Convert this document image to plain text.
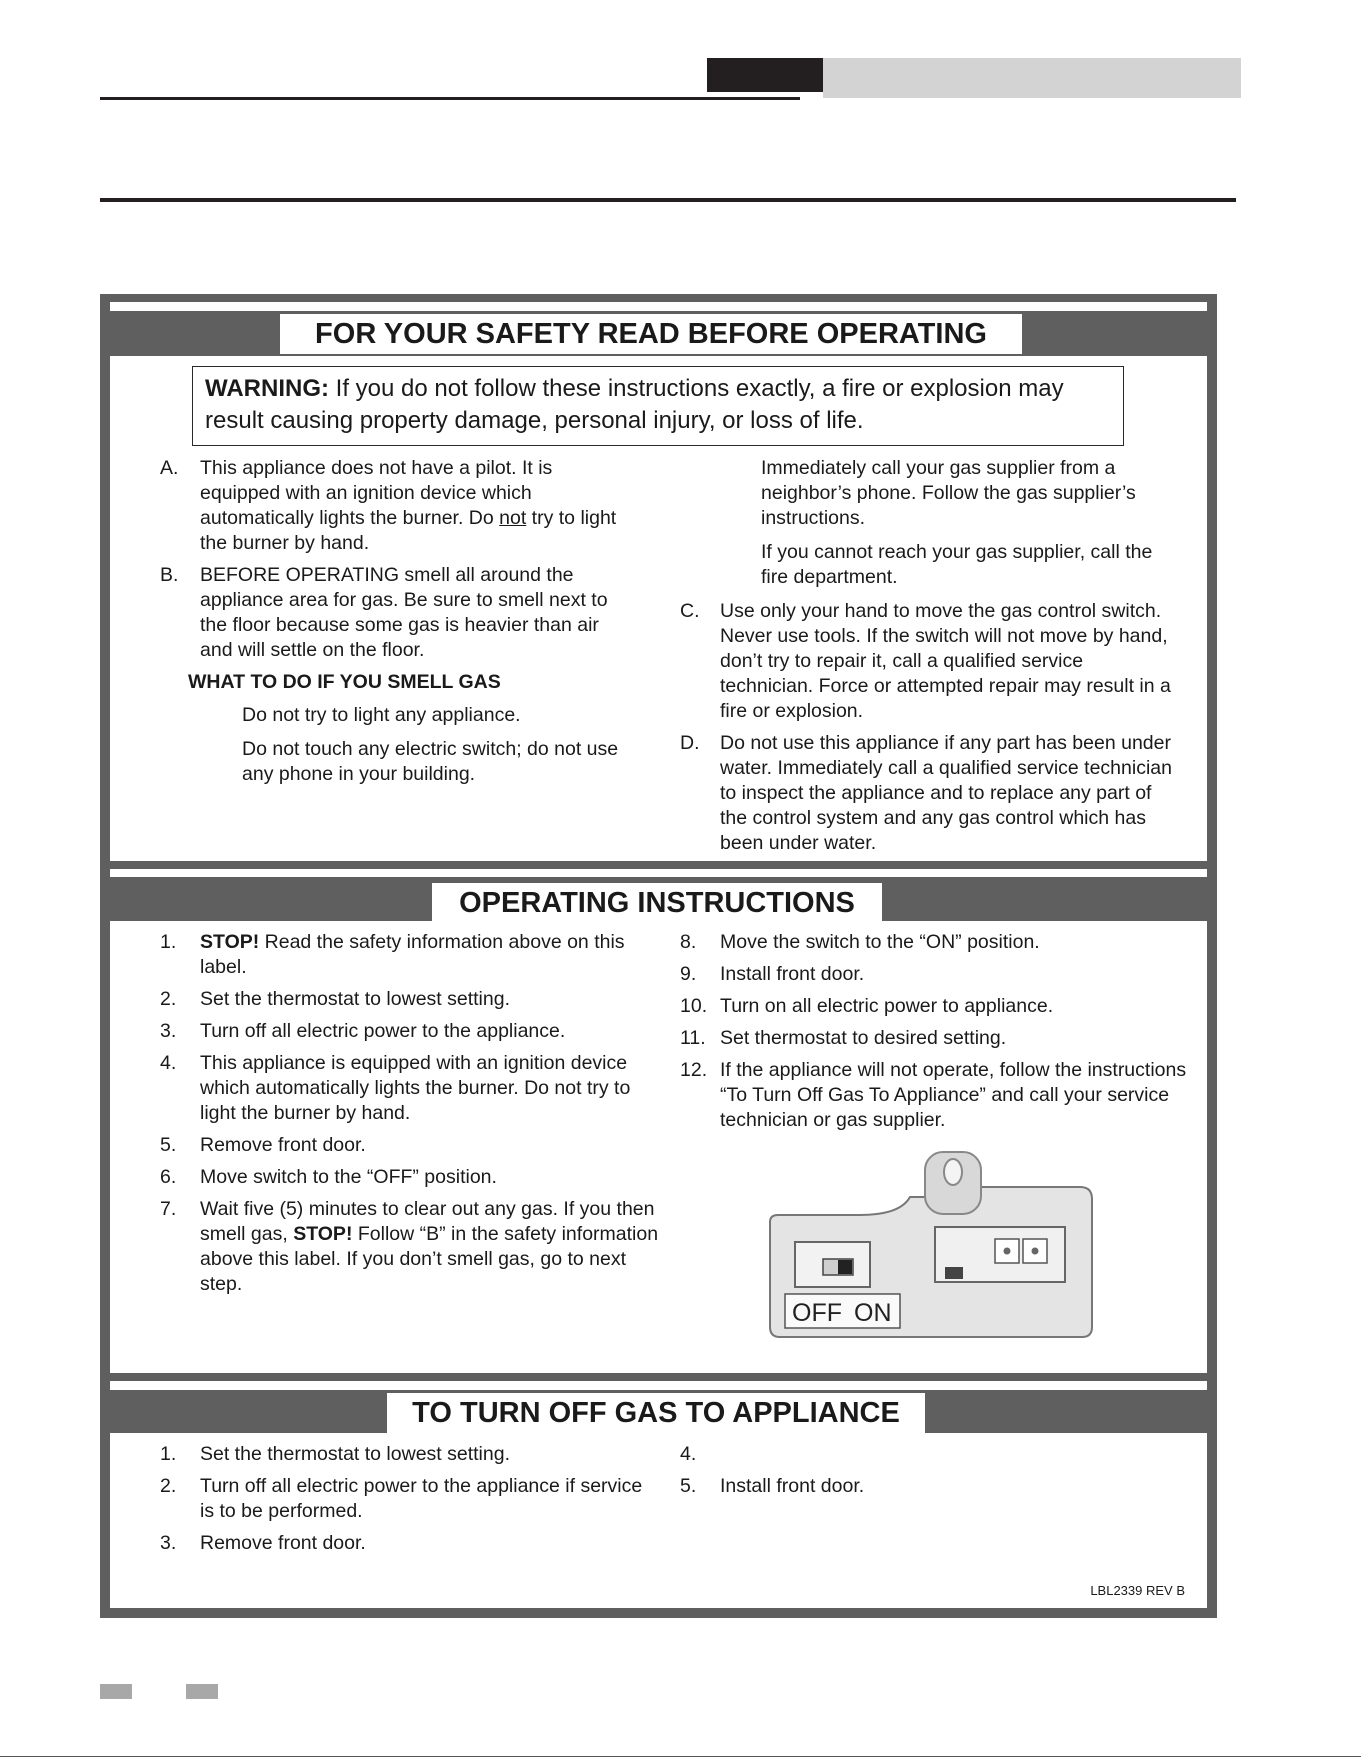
FOR YOUR SAFETY READ BEFORE OPERATING
WARNING: If you do not follow these instructions exactly, a fire or explosion may result causing property damage, personal injury, or loss of life.
A. This appliance does not have a pilot. It is equipped with an ignition device which automatically lights the burner. Do not try to light the burner by hand.
B. BEFORE OPERATING smell all around the appliance area for gas. Be sure to smell next to the floor because some gas is heavier than air and will settle on the floor.
WHAT TO DO IF YOU SMELL GAS
Do not try to light any appliance.
Do not touch any electric switch; do not use any phone in your building.
Immediately call your gas supplier from a neighbor’s phone. Follow the gas supplier’s instructions.
If you cannot reach your gas supplier, call the fire department.
C. Use only your hand to move the gas control switch. Never use tools. If the switch will not move by hand, don’t try to repair it, call a qualified service technician. Force or attempted repair may result in a fire or explosion.
D. Do not use this appliance if any part has been under water. Immediately call a qualified service technician to inspect the appliance and to replace any part of the control system and any gas control which has been under water.
OPERATING INSTRUCTIONS
1. STOP! Read the safety information above on this label.
2. Set the thermostat to lowest setting.
3. Turn off all electric power to the appliance.
4. This appliance is equipped with an ignition device which automatically lights the burner. Do not try to light the burner by hand.
5. Remove front door.
6. Move switch to the “OFF” position.
7. Wait five (5) minutes to clear out any gas. If you then smell gas, STOP! Follow “B” in the safety information above this label. If you don’t smell gas, go to next step.
8. Move the switch to the “ON” position.
9. Install front door.
10. Turn on all electric power to appliance.
11. Set thermostat to desired setting.
12. If the appliance will not operate, follow the instructions “To Turn Off Gas To Appliance” and call your service technician or gas supplier.
OFF ON
TO TURN OFF GAS TO APPLIANCE
1. Set the thermostat to lowest setting.
2. Turn off all electric power to the appliance if service is to be performed.
3. Remove front door.
4.
5. Install front door.
LBL2339 REV B
